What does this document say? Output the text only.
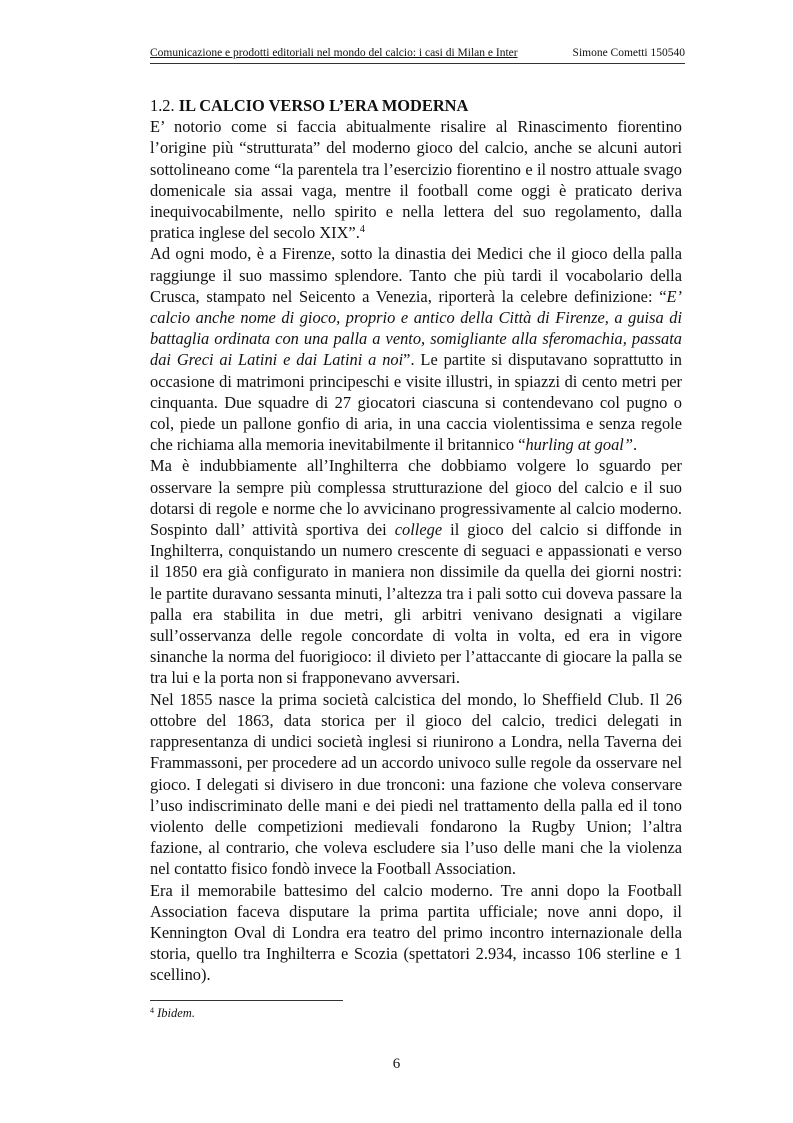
Comunicazione e prodotti editoriali nel mondo del calcio: i casi di Milan e Inter	Simone Cometti 150540
1.2. IL CALCIO VERSO L’ERA MODERNA

E’ notorio come si faccia abitualmente risalire al Rinascimento fiorentino l’origine più “strutturata” del moderno gioco del calcio, anche se alcuni autori sottolineano come “la parentela tra l’esercizio fiorentino e il nostro attuale svago domenicale sia assai vaga, mentre il football come oggi è praticato deriva inequivocabilmente, nello spirito e nella lettera del suo regolamento, dalla pratica inglese del secolo XIX”.$^4$

Ad ogni modo, è a Firenze, sotto la dinastia dei Medici che il gioco della palla raggiunge il suo massimo splendore. Tanto che più tardi il vocabolario della Crusca, stampato nel Seicento a Venezia, riporterà la celebre definizione: “E’ calcio anche nome di gioco, proprio e antico della Città di Firenze, a guisa di battaglia ordinata con una palla a vento, somigliante alla sferomachia, passata dai Greci ai Latini e dai Latini a noi”. Le partite si disputavano soprattutto in occasione di matrimoni principeschi e visite illustri, in spiazzi di cento metri per cinquanta. Due squadre di 27 giocatori ciascuna si contendevano col pugno o col, piede un pallone gonfio di aria, in una caccia violentissima e senza regole che richiama alla memoria inevitabilmente il britannico “hurling at goal”.

Ma è indubbiamente all’Inghilterra che dobbiamo volgere lo sguardo per osservare la sempre più complessa strutturazione del gioco del calcio e il suo dotarsi di regole e norme che lo avvicinano progressivamente al calcio moderno. Sospinto dall’ attività sportiva dei college il gioco del calcio si diffonde in Inghilterra, conquistando un numero crescente di seguaci e appassionati e verso il 1850 era già configurato in maniera non dissimile da quella dei giorni nostri: le partite duravano sessanta minuti, l’altezza tra i pali sotto cui doveva passare la palla era stabilita in due metri, gli arbitri venivano designati a vigilare sull’osservanza delle regole concordate di volta in volta, ed era in vigore sinanche la norma del fuorigioco: il divieto per l’attaccante di giocare la palla se tra lui e la porta non si frapponevano avversari.

Nel 1855 nasce la prima società calcistica del mondo, lo Sheffield Club. Il 26 ottobre del 1863, data storica per il gioco del calcio, tredici delegati in rappresentanza di undici società inglesi si riunirono a Londra, nella Taverna dei Frammassoni, per procedere ad un accordo univoco sulle regole da osservare nel gioco. I delegati si divisero in due tronconi: una fazione che voleva conservare l’uso indiscriminato delle mani e dei piedi nel trattamento della palla ed il tono violento delle competizioni medievali fondarono la Rugby Union; l’altra fazione, al contrario, che voleva escludere sia l’uso delle mani che la violenza nel contatto fisico fondò invece la Football Association.

Era il memorabile battesimo del calcio moderno. Tre anni dopo la Football Association faceva disputare la prima partita ufficiale; nove anni dopo, il Kennington Oval di Londra era teatro del primo incontro internazionale della storia, quello tra Inghilterra e Scozia (spettatori 2.934, incasso 106 sterline e 1 scellino).

$^4$ Ibidem.
6
